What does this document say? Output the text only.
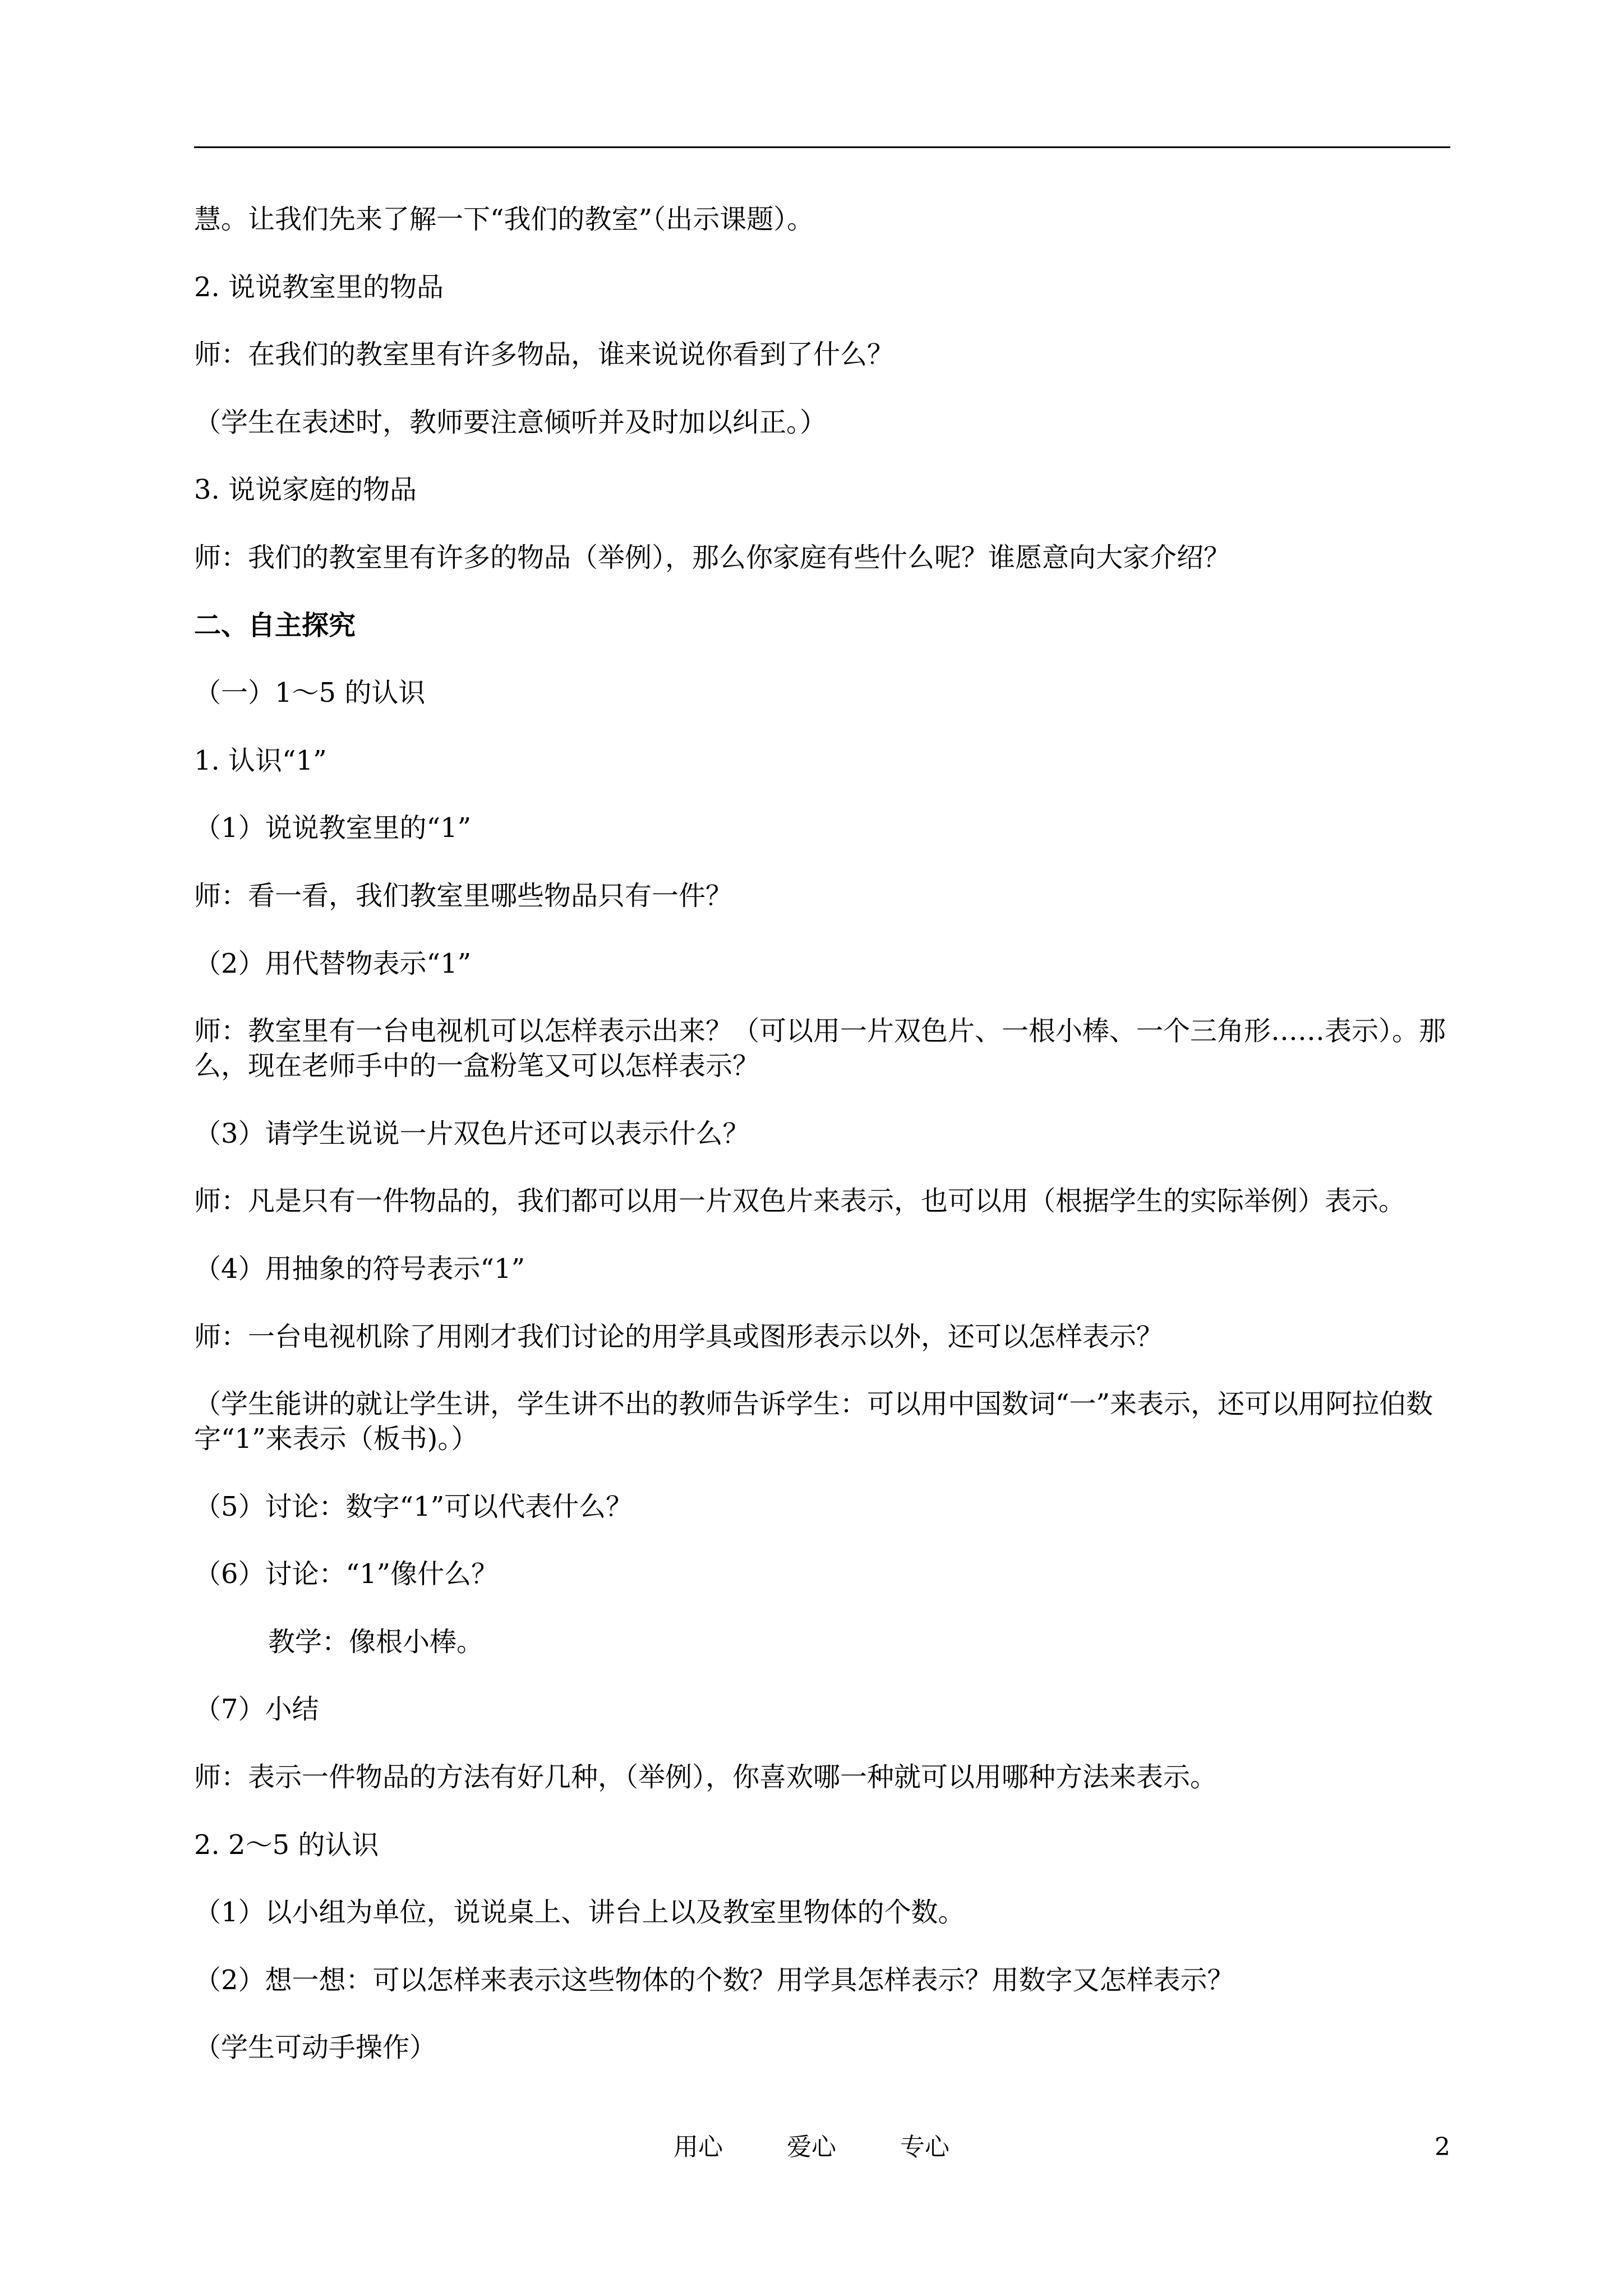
慧。让我们先来了解一下“我们的教室”（出示课题）。
2. 说说教室里的物品
师：在我们的教室里有许多物品，谁来说说你看到了什么？
（学生在表述时，教师要注意倾听并及时加以纠正。）
3. 说说家庭的物品
师：我们的教室里有许多的物品（举例），那么你家庭有些什么呢？谁愿意向大家介绍？
二、自主探究
（一）1～5 的认识
1. 认识“1”
（1）说说教室里的“1”
师：看一看，我们教室里哪些物品只有一件？
（2）用代替物表示“1”
师：教室里有一台电视机可以怎样表示出来？（可以用一片双色片、一根小棒、一个三角形……表示）。那么，现在老师手中的一盒粉笔又可以怎样表示？
（3）请学生说说一片双色片还可以表示什么？
师：凡是只有一件物品的，我们都可以用一片双色片来表示，也可以用（根据学生的实际举例）表示。
（4）用抽象的符号表示“1”
师：一台电视机除了用刚才我们讨论的用学具或图形表示以外，还可以怎样表示？
（学生能讲的就让学生讲，学生讲不出的教师告诉学生：可以用中国数词“一”来表示，还可以用阿拉伯数字“1”来表示（板书)。）
（5）讨论：数字“1”可以代表什么？
（6）讨论：“1”像什么？
教学：像根小棒。
（7）小结
师：表示一件物品的方法有好几种，（举例），你喜欢哪一种就可以用哪种方法来表示。
2. 2～5 的认识
（1）以小组为单位，说说桌上、讲台上以及教室里物体的个数。
（2）想一想：可以怎样来表示这些物体的个数？用学具怎样表示？用数字又怎样表示？
（学生可动手操作）
用心	爱心	专心	2
